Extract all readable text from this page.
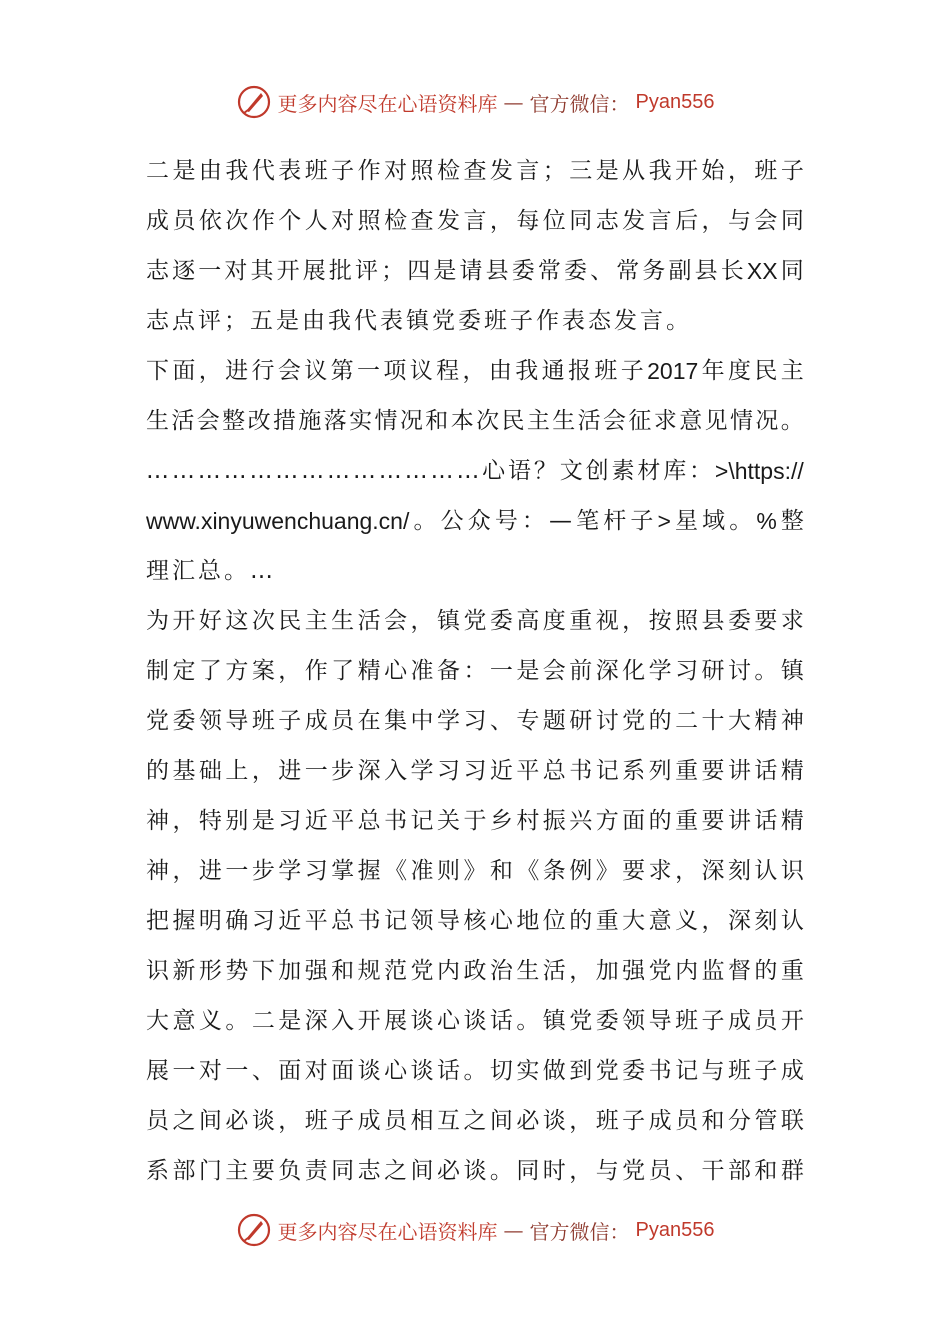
更多内容尽在心语资料库 — 官方微信： Pyan556
二 是 由 我 代 表 班 子 作 对 照 检 查 发 言 ； 三 是 从 我 开 始 ， 班 子
成 员 依 次 作 个 人 对 照 检 查 发 言 ， 每 位 同 志 发 言 后 ， 与 会 同
志 逐 一 对 其 开 展 批 评 ； 四 是 请 县 委 常 委 、 常 务 副 县 长 XX 同
志点评；五是由我代表镇党委班子作表态发言。
下 面 ， 进 行 会 议 第 一 项 议 程 ， 由 我 通 报 班 子 2017 年 度 民 主
生 活 会 整 改 措 施 落 实 情 况 和 本 次 民 主 生 活 会 征 求 意 见 情 况 。
… … … … … … … … … … … … … 心 语 ？ 文 创 素 材 库 ： >\https://
www.xinyuwenchuang.cn/ 。 公 众 号 ： — 笔 杆 子 > 星 域 。 % 整
理汇总。…
为 开 好 这 次 民 主 生 活 会 ， 镇 党 委 高 度 重 视 ， 按 照 县 委 要 求
制 定 了 方 案 ， 作 了 精 心 准 备 ： 一 是 会 前 深 化 学 习 研 讨 。 镇
党 委 领 导 班 子 成 员 在 集 中 学 习 、 专 题 研 讨 党 的 二 十 大 精 神
的 基 础 上 ， 进 一 步 深 入 学 习 习 近 平 总 书 记 系 列 重 要 讲 话 精
神 ， 特 别 是 习 近 平 总 书 记 关 于 乡 村 振 兴 方 面 的 重 要 讲 话 精
神 ， 进 一 步 学 习 掌 握 《 准 则 》 和 《 条 例 》 要 求 ， 深 刻 认 识
把 握 明 确 习 近 平 总 书 记 领 导 核 心 地 位 的 重 大 意 义 ， 深 刻 认
识 新 形 势 下 加 强 和 规 范 党 内 政 治 生 活 ， 加 强 党 内 监 督 的 重
大 意 义 。 二 是 深 入 开 展 谈 心 谈 话 。 镇 党 委 领 导 班 子 成 员 开
展 一 对 一 、 面 对 面 谈 心 谈 话 。 切 实 做 到 党 委 书 记 与 班 子 成
员 之 间 必 谈 ， 班 子 成 员 相 互 之 间 必 谈 ， 班 子 成 员 和 分 管 联
系 部 门 主 要 负 责 同 志 之 间 必 谈 。 同 时 ， 与 党 员 、 干 部 和 群
更多内容尽在心语资料库 — 官方微信： Pyan556
